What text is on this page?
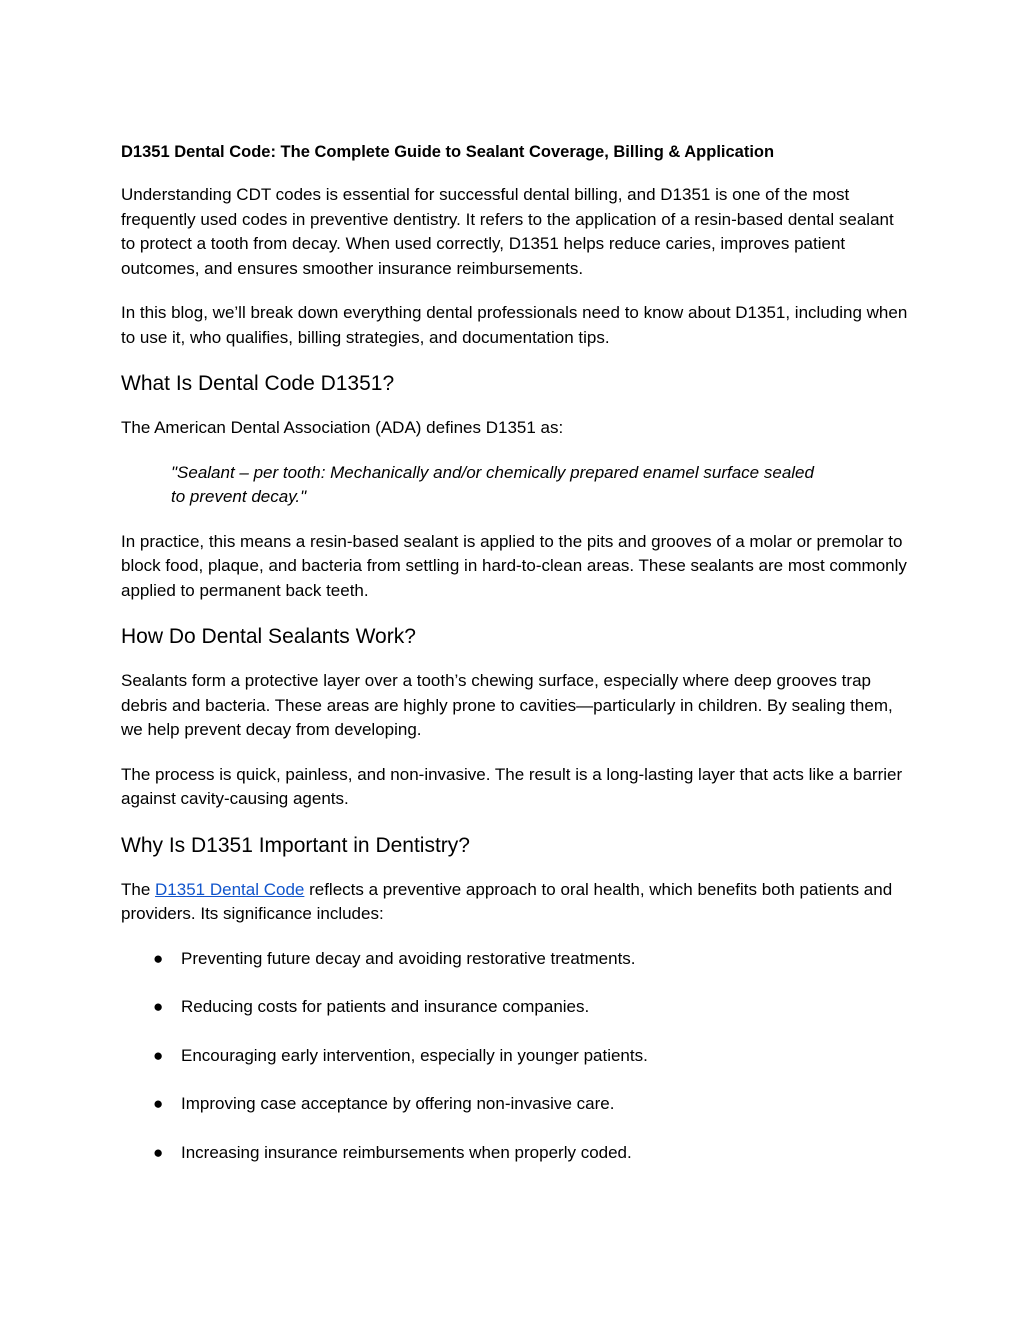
D1351 Dental Code: The Complete Guide to Sealant Coverage, Billing & Application

Understanding CDT codes is essential for successful dental billing, and D1351 is one of the most frequently used codes in preventive dentistry. It refers to the application of a resin-based dental sealant to protect a tooth from decay. When used correctly, D1351 helps reduce caries, improves patient outcomes, and ensures smoother insurance reimbursements.

In this blog, we’ll break down everything dental professionals need to know about D1351, including when to use it, who qualifies, billing strategies, and documentation tips.

What Is Dental Code D1351?

The American Dental Association (ADA) defines D1351 as:

"Sealant – per tooth: Mechanically and/or chemically prepared enamel surface sealed to prevent decay."

In practice, this means a resin-based sealant is applied to the pits and grooves of a molar or premolar to block food, plaque, and bacteria from settling in hard-to-clean areas. These sealants are most commonly applied to permanent back teeth.

How Do Dental Sealants Work?

Sealants form a protective layer over a tooth’s chewing surface, especially where deep grooves trap debris and bacteria. These areas are highly prone to cavities—particularly in children. By sealing them, we help prevent decay from developing.

The process is quick, painless, and non-invasive. The result is a long-lasting layer that acts like a barrier against cavity-causing agents.

Why Is D1351 Important in Dentistry?

The D1351 Dental Code reflects a preventive approach to oral health, which benefits both patients and providers. Its significance includes:

●	Preventing future decay and avoiding restorative treatments.
●	Reducing costs for patients and insurance companies.
●	Encouraging early intervention, especially in younger patients.
●	Improving case acceptance by offering non-invasive care.
●	Increasing insurance reimbursements when properly coded.
